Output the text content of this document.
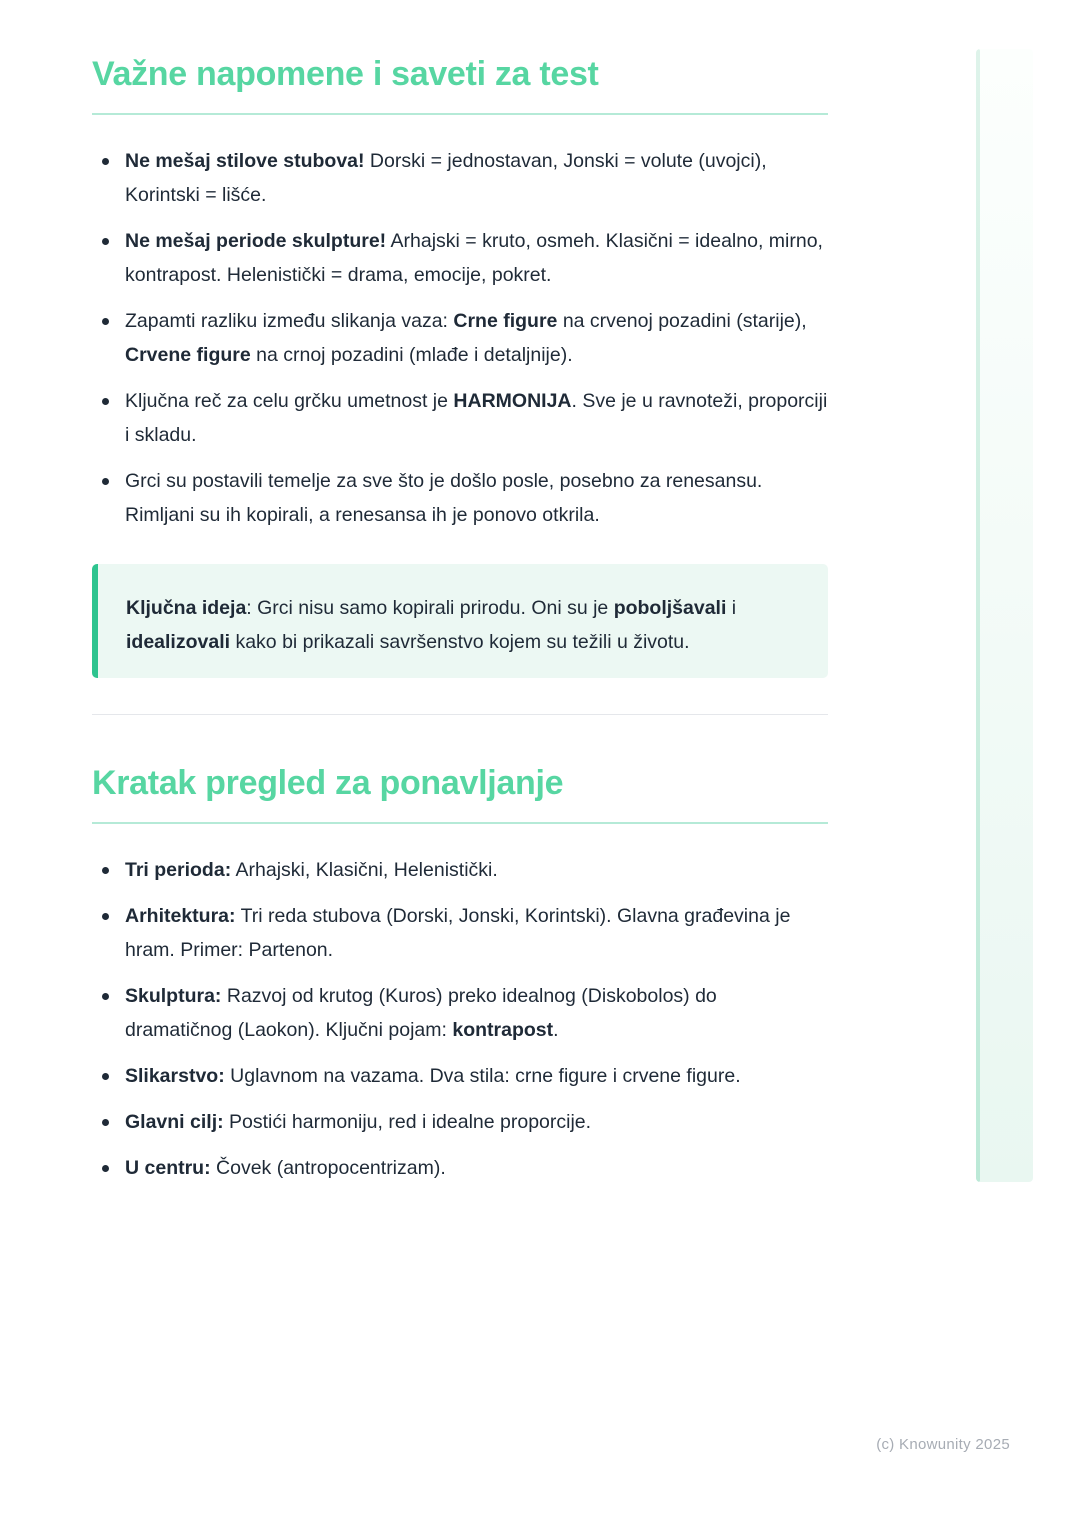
Važne napomene i saveti za test
Ne mešaj stilove stubova! Dorski = jednostavan, Jonski = volute (uvojci), Korintski = lišće.
Ne mešaj periode skulpture! Arhajski = kruto, osmeh. Klasični = idealno, mirno, kontrapost. Helenistički = drama, emocije, pokret.
Zapamti razliku između slikanja vaza: Crne figure na crvenoj pozadini (starije), Crvene figure na crnoj pozadini (mlađe i detaljnije).
Ključna reč za celu grčku umetnost je HARMONIJA. Sve je u ravnoteži, proporciji i skladu.
Grci su postavili temelje za sve što je došlo posle, posebno za renesansu. Rimljani su ih kopirali, a renesansa ih je ponovo otkrila.

Ključna ideja: Grci nisu samo kopirali prirodu. Oni su je poboljšavali i idealizovali kako bi prikazali savršenstvo kojem su težili u životu.

Kratak pregled za ponavljanje
Tri perioda: Arhajski, Klasični, Helenistički.
Arhitektura: Tri reda stubova (Dorski, Jonski, Korintski). Glavna građevina je hram. Primer: Partenon.
Skulptura: Razvoj od krutog (Kuros) preko idealnog (Diskobolos) do dramatičnog (Laokon). Ključni pojam: kontrapost.
Slikarstvo: Uglavnom na vazama. Dva stila: crne figure i crvene figure.
Glavni cilj: Postići harmoniju, red i idealne proporcije.
U centru: Čovek (antropocentrizam).
(c) Knowunity 2025
